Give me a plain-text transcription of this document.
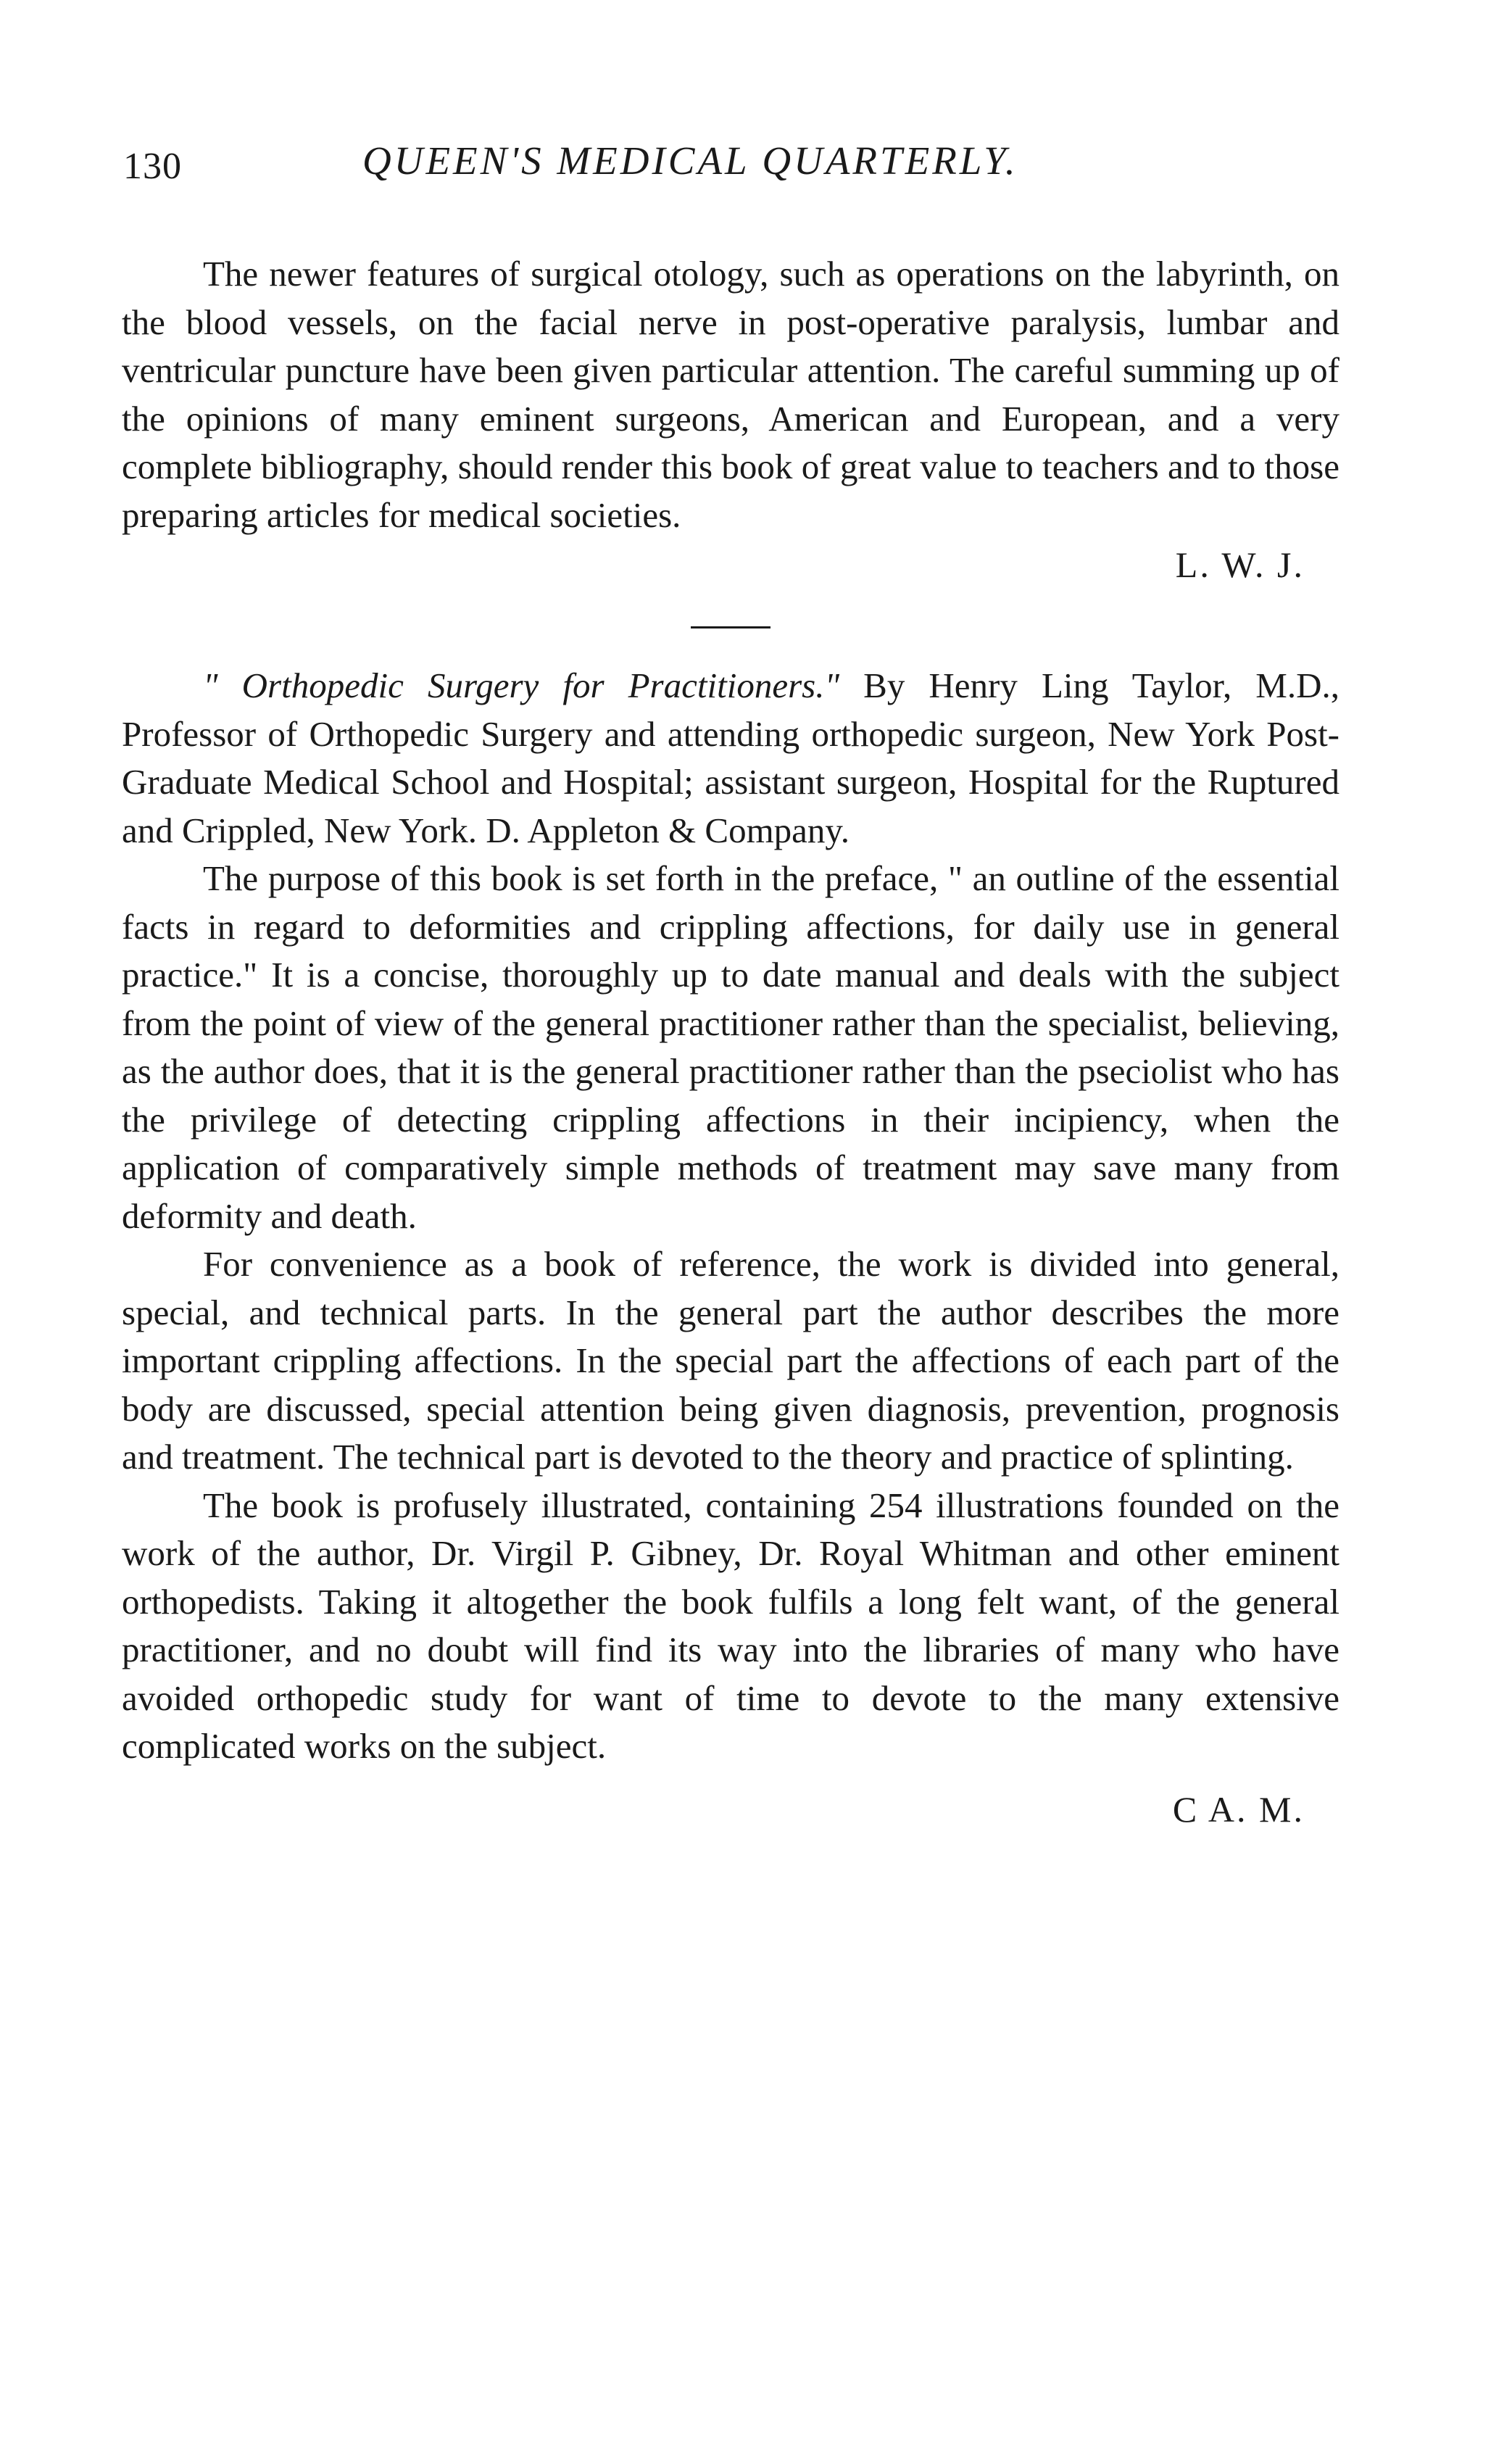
130	QUEEN'S MEDICAL QUARTERLY.

The newer features of surgical otology, such as operations on the labyrinth, on the blood vessels, on the facial nerve in post-operative paralysis, lumbar and ventricular puncture have been given particular attention. The careful summing up of the opinions of many eminent surgeons, American and European, and a very complete bibliography, should render this book of great value to teachers and to those preparing articles for medical societies.

L. W. J.

" Orthopedic Surgery for Practitioners." By Henry Ling Taylor, M.D., Professor of Orthopedic Surgery and attending orthopedic surgeon, New York Post-Graduate Medical School and Hospital; assistant surgeon, Hospital for the Ruptured and Crippled, New York. D. Appleton & Company.

The purpose of this book is set forth in the preface, " an outline of the essential facts in regard to deformities and crippling affections, for daily use in general practice." It is a concise, thoroughly up to date manual and deals with the subject from the point of view of the general practitioner rather than the specialist, believing, as the author does, that it is the general practitioner rather than the pseciolist who has the privilege of detecting crippling affections in their incipiency, when the application of comparatively simple methods of treatment may save many from deformity and death.

For convenience as a book of reference, the work is divided into general, special, and technical parts. In the general part the author describes the more important crippling affections. In the special part the affections of each part of the body are discussed, special attention being given diagnosis, prevention, prognosis and treatment. The technical part is devoted to the theory and practice of splinting.

The book is profusely illustrated, containing 254 illustrations founded on the work of the author, Dr. Virgil P. Gibney, Dr. Royal Whitman and other eminent orthopedists. Taking it altogether the book fulfils a long felt want, of the general practitioner, and no doubt will find its way into the libraries of many who have avoided orthopedic study for want of time to devote to the many extensive complicated works on the subject.

C A. M.
